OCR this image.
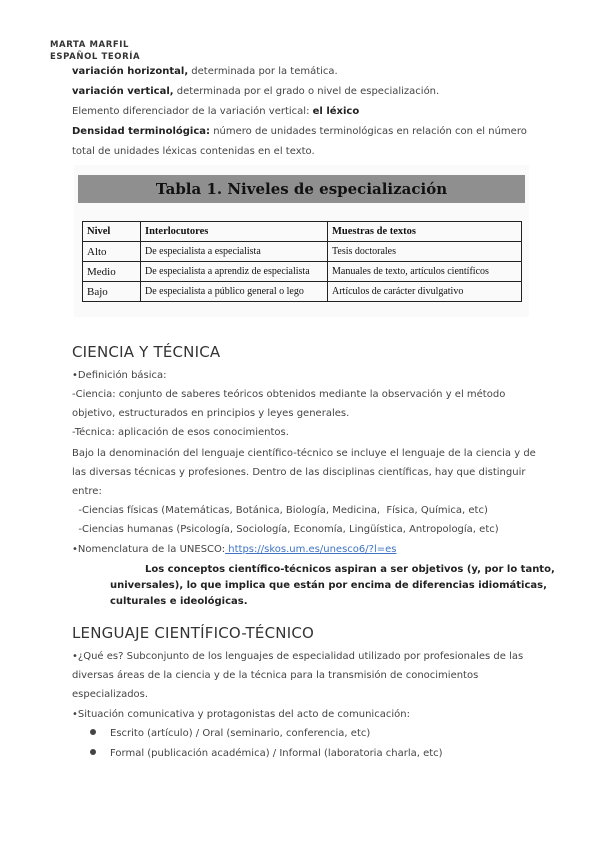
MARTA MARFIL
ESPAÑOL TEORÍA
variación horizontal, determinada por la temática.
variación vertical, determinada por el grado o nivel de especialización.
Elemento diferenciador de la variación vertical: el léxico
Densidad terminológica: número de unidades terminológicas en relación con el número
total de unidades léxicas contenidas en el texto.
Tabla 1. Niveles de especialización
Nivel	Interlocutores	Muestras de textos
Alto	De especialista a especialista	Tesis doctorales
Medio	De especialista a aprendiz de especialista	Manuales de texto, artículos científicos
Bajo	De especialista a público general o lego	Artículos de carácter divulgativo
CIENCIA Y TÉCNICA
•Definición básica:
-Ciencia: conjunto de saberes teóricos obtenidos mediante la observación y el método
objetivo, estructurados en principios y leyes generales.
-Técnica: aplicación de esos conocimientos.
Bajo la denominación del lenguaje científico-técnico se incluye el lenguaje de la ciencia y de
las diversas técnicas y profesiones. Dentro de las disciplinas científicas, hay que distinguir
entre:
-Ciencias físicas (Matemáticas, Botánica, Biología, Medicina,  Física, Química, etc)
-Ciencias humanas (Psicología, Sociología, Economía, Lingüística, Antropología, etc)
•Nomenclatura de la UNESCO: https://skos.um.es/unesco6/?l=es
Los conceptos científico-técnicos aspiran a ser objetivos (y, por lo tanto,
universales), lo que implica que están por encima de diferencias idiomáticas,
culturales e ideológicas.
LENGUAJE CIENTÍFICO-TÉCNICO
•¿Qué es? Subconjunto de los lenguajes de especialidad utilizado por profesionales de las
diversas áreas de la ciencia y de la técnica para la transmisión de conocimientos
especializados.
•Situación comunicativa y protagonistas del acto de comunicación:
Escrito (artículo) / Oral (seminario, conferencia, etc)
Formal (publicación académica) / Informal (laboratoria charla, etc)
